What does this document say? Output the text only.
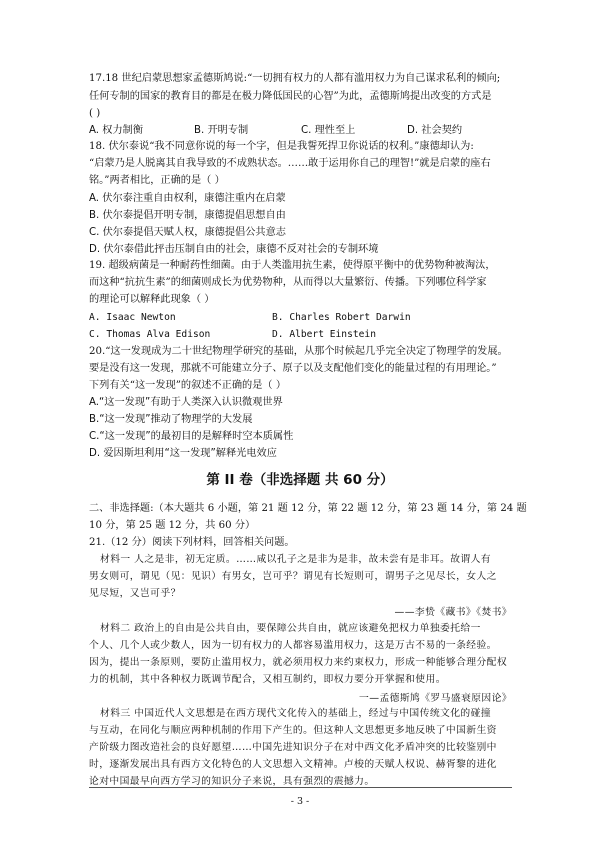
17.18 世纪启蒙思想家孟德斯鸠说:“一切拥有权力的人都有滥用权力为自己谋求私利的倾向;
任何专制的国家的教育目的都是在极力降低国民的心智”为此，孟德斯鸠提出改变的方式是
( )
A. 权力制衡	B. 开明专制	C. 理性至上	D. 社会契约
18. 伏尔泰说“我不同意你说的每一个字，但是我誓死捍卫你说话的权利。”康德却认为:
“启蒙乃是人脱离其自我导致的不成熟状态。……敢于运用你自己的理智!”就是启蒙的座右
铭。”两者相比，正确的是（ ）
A. 伏尔泰注重自由权利，康德注重内在启蒙
B. 伏尔泰提倡开明专制，康德提倡思想自由
C. 伏尔泰提倡天赋人权，康德提倡公共意志
D. 伏尔泰借此抨击压制自由的社会，康德不反对社会的专制环境
19. 超级病菌是一种耐药性细菌。由于人类滥用抗生素，使得原平衡中的优势物种被淘汰，
而这种“抗抗生素”的细菌则成长为优势物种，从而得以大量繁衍、传播。下列哪位科学家
的理论可以解释此现象（ ）
A. Isaac Newton	B. Charles Robert Darwin
C. Thomas Alva Edison	D. Albert Einstein
20.“这一发现成为二十世纪物理学研究的基础，从那个时候起几乎完全决定了物理学的发展。
要是没有这一发现，那就不可能建立分子、原子以及支配他们变化的能量过程的有用理论。”
下列有关“这一发现”的叙述不正确的是（ ）
A.“这一发现”有助于人类深入认识微观世界
B.“这一发现”推动了物理学的大发展
C.“这一发现”的最初目的是解释时空本质属性
D. 爱因斯坦利用“这一发现”解释光电效应
第 II 卷（非选择题 共 60 分）
二、非选择题:（本大题共 6 小题，第 21 题 12 分，第 22 题 12 分，第 23 题 14 分，第 24 题
10 分，第 25 题 12 分，共 60 分）
21.（12 分）阅读下列材料，回答相关问题。
材料一 人之是非，初无定质。……咸以孔子之是非为是非，故未尝有是非耳。故谓人有
男女则可，谓见（见：见识）有男女，岂可乎？谓见有长短则可，谓男子之见尽长，女人之
见尽短，又岂可乎？
——李贽《藏书》《焚书》
材料二 政治上的自由是公共自由，要保障公共自由，就应该避免把权力单独委托给一
个人、几个人或少数人，因为一切有权力的人都容易滥用权力，这是万古不易的一条经验。
因为，提出一条原则，要防止滥用权力，就必须用权力来约束权力，形成一种能够合理分配权
力的机制，其中各种权力既调节配合，又相互制约，即权力要分开掌握和使用。
一—孟德斯鸠《罗马盛衰原因论》
材料三 中国近代人文思想是在西方现代文化传入的基础上，经过与中国传统文化的碰撞
与互动，在同化与顺应两种机制的作用下产生的。但这种人文思想更多地反映了中国新生资
产阶级力图改造社会的良好愿望……中国先进知识分子在对中西文化矛盾冲突的比较鉴别中
时，逐渐发展出具有西方文化特色的人文思想入文精神。卢梭的天赋人权说、赫胥黎的进化
论对中国最早向西方学习的知识分子来说，具有强烈的震撼力。
- 3 -
